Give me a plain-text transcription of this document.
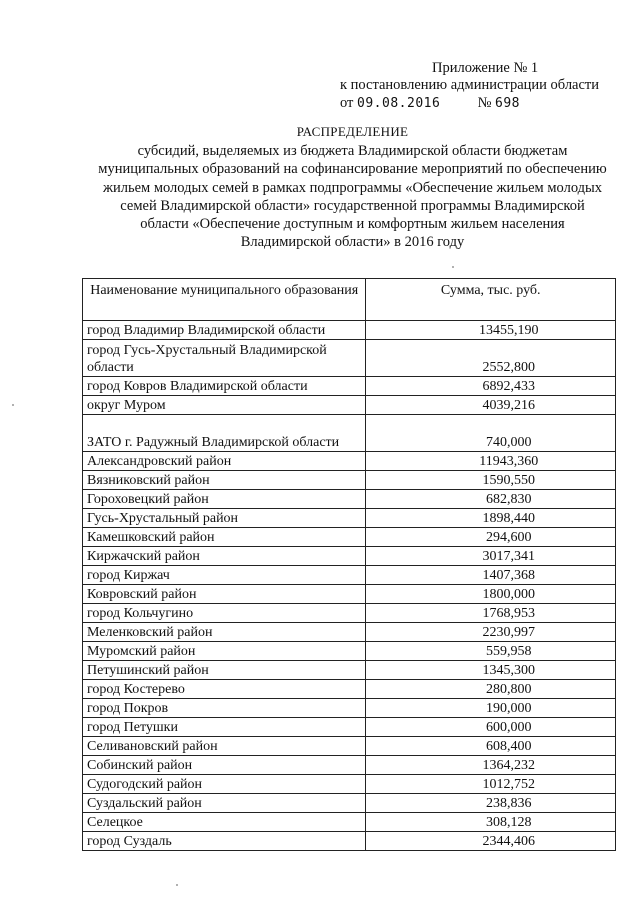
Приложение № 1
к постановлению администрации области
от 09.08.2016	№ 698
РАСПРЕДЕЛЕНИЕ
субсидий, выделяемых из бюджета Владимирской области бюджетам
муниципальных образований на софинансирование мероприятий по обеспечению
жильем молодых семей в рамках подпрограммы «Обеспечение жильем молодых
семей Владимирской области» государственной программы Владимирской
области «Обеспечение доступным и комфортным жильем населения
Владимирской области» в 2016 году
Наименование муниципального образования	Сумма, тыс. руб.
город Владимир Владимирской области	13455,190
город Гусь-Хрустальный Владимирской области	2552,800
город Ковров Владимирской области	6892,433
округ Муром	4039,216
ЗАТО г. Радужный Владимирской области	740,000
Александровский район	11943,360
Вязниковский район	1590,550
Гороховецкий район	682,830
Гусь-Хрустальный район	1898,440
Камешковский район	294,600
Киржачский район	3017,341
город Киржач	1407,368
Ковровский район	1800,000
город Кольчугино	1768,953
Меленковский район	2230,997
Муромский район	559,958
Петушинский район	1345,300
город Костерево	280,800
город Покров	190,000
город Петушки	600,000
Селивановский район	608,400
Собинский район	1364,232
Судогодский район	1012,752
Суздальский район	238,836
Селецкое	308,128
город Суздаль	2344,406
